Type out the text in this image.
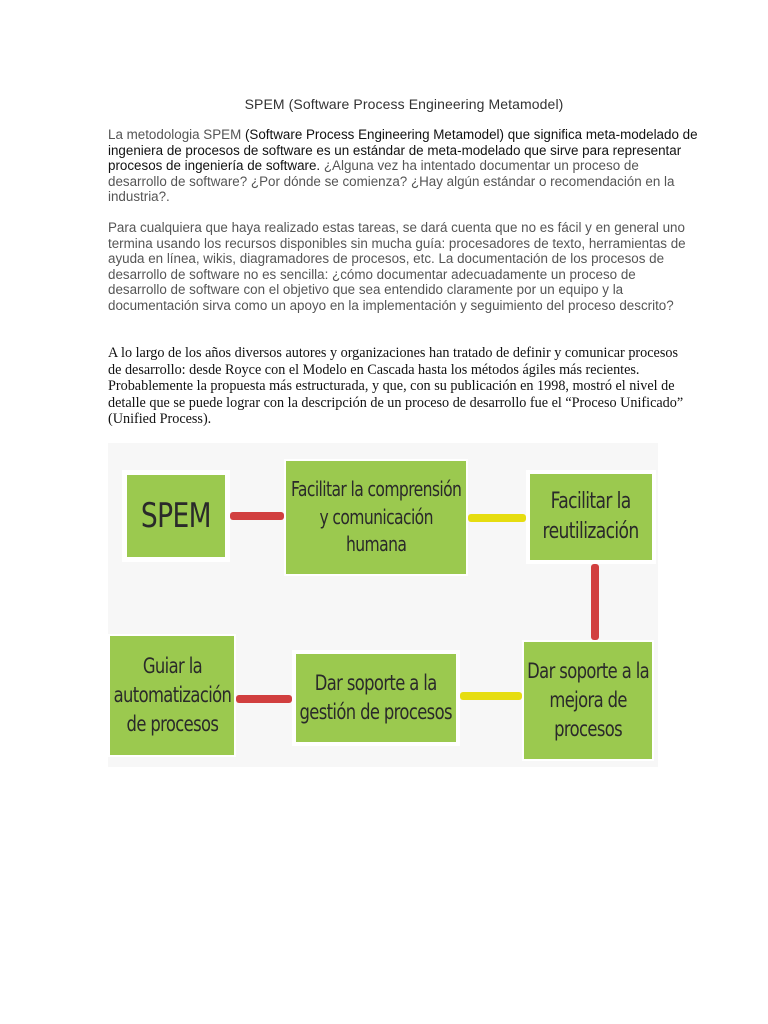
SPEM (Software Process Engineering Metamodel)
La metodologia SPEM (Software Process Engineering Metamodel) que significa meta-modelado de ingeniera de procesos de software es un estándar de meta-modelado que sirve para representar procesos de ingeniería de software. ¿Alguna vez ha intentado documentar un proceso de desarrollo de software? ¿Por dónde se comienza? ¿Hay algún estándar o recomendación en la industria?.
Para cualquiera que haya realizado estas tareas, se dará cuenta que no es fácil y en general uno termina usando los recursos disponibles sin mucha guía: procesadores de texto, herramientas de ayuda en línea, wikis, diagramadores de procesos, etc. La documentación de los procesos de desarrollo de software no es sencilla: ¿cómo documentar adecuadamente un proceso de desarrollo de software con el objetivo que sea entendido claramente por un equipo y la documentación sirva como un apoyo en la implementación y seguimiento del proceso descrito?
A lo largo de los años diversos autores y organizaciones han tratado de definir y comunicar procesos de desarrollo: desde Royce con el Modelo en Cascada hasta los métodos ágiles más recientes. Probablemente la propuesta más estructurada, y que, con su publicación en 1998, mostró el nivel de detalle que se puede lograr con la descripción de un proceso de desarrollo fue el “Proceso Unificado” (Unified Process).
SPEM
Facilitar la comprensión
y comunicación
humana
Facilitar la
reutilización
Dar soporte a la
mejora de
procesos
Dar soporte a la
gestión de procesos
Guiar la
automatización
de procesos
